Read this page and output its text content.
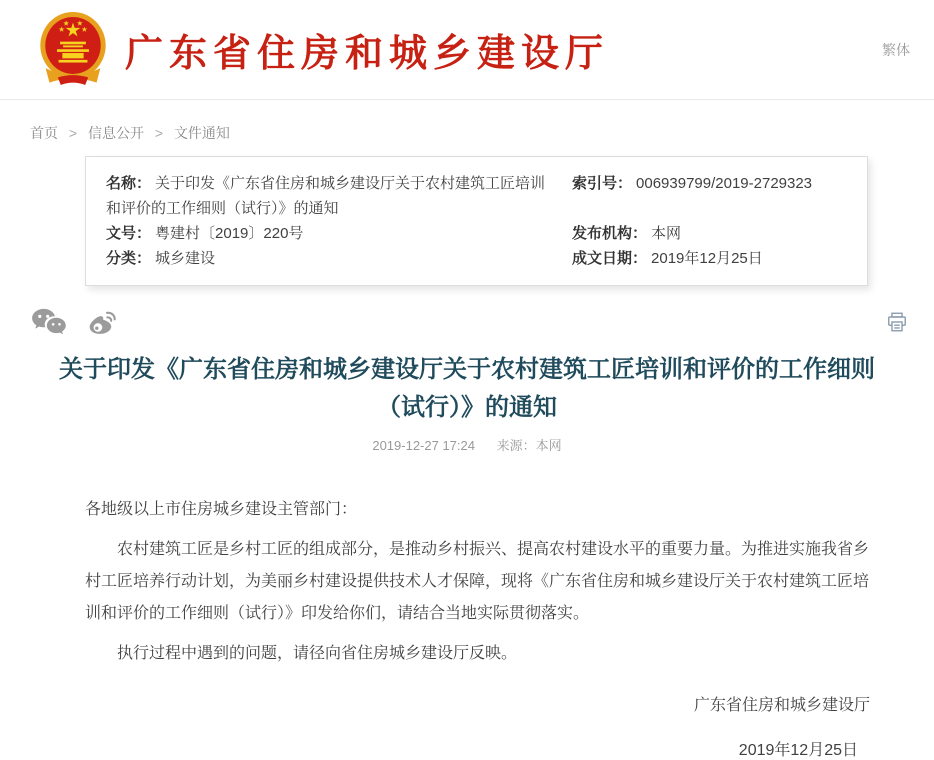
广东省住房和城乡建设厅	繁体
首页 > 信息公开 > 文件通知
名称： 关于印发《广东省住房和城乡建设厅关于农村建筑工匠培训和评价的工作细则（试行）》的通知
索引号： 006939799/2019-2729323
文号： 粤建村〔2019〕220号	发布机构： 本网
分类： 城乡建设	成文日期： 2019年12月25日
关于印发《广东省住房和城乡建设厅关于农村建筑工匠培训和评价的工作细则
（试行）》的通知
2019-12-27 17:24 来源：本网

各地级以上市住房城乡建设主管部门：

农村建筑工匠是乡村工匠的组成部分，是推动乡村振兴、提高农村建设水平的重要力量。为推进实施我省乡村工匠培养行动计划，为美丽乡村建设提供技术人才保障，现将《广东省住房和城乡建设厅关于农村建筑工匠培训和评价的工作细则（试行）》印发给你们，请结合当地实际贯彻落实。

执行过程中遇到的问题，请径向省住房城乡建设厅反映。

广东省住房和城乡建设厅
2019年12月25日
